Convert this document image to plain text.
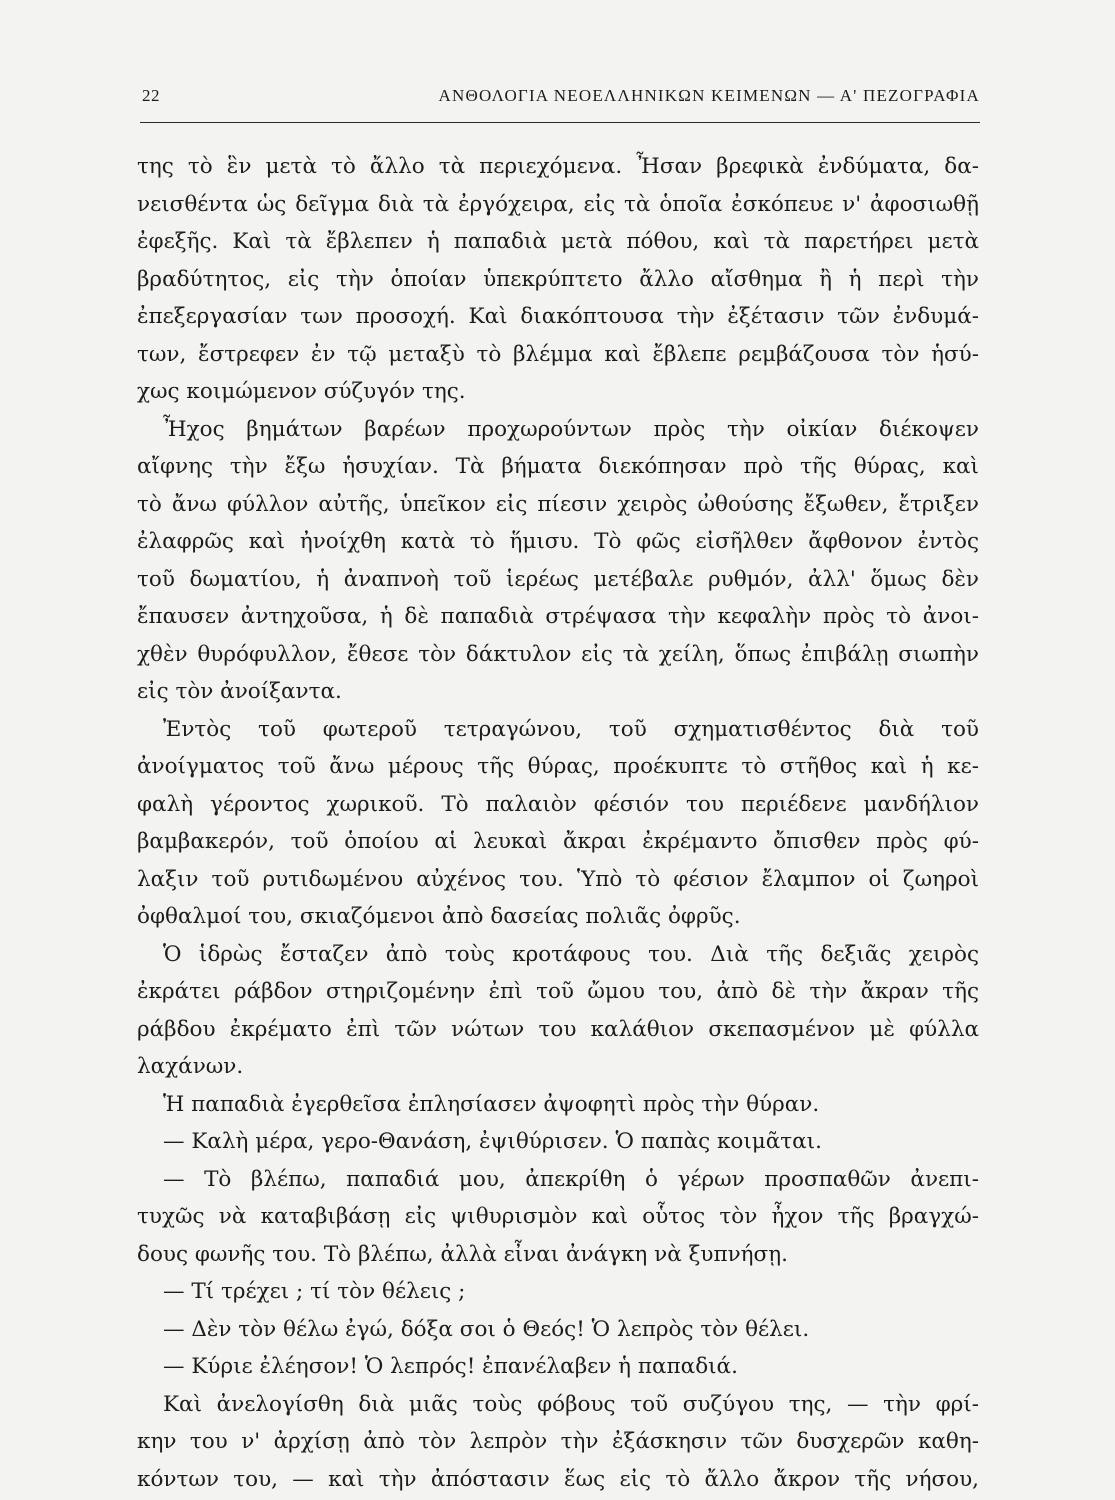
22	ΑΝΘΟΛΟΓΙΑ ΝΕΟΕΛΛΗΝΙΚΩΝ ΚΕΙΜΕΝΩΝ — Α' ΠΕΖΟΓΡΑΦΙΑ
της τὸ ἓν μετὰ τὸ ἄλλο τὰ περιεχόμενα. Ἦσαν βρεφικὰ ἐνδύματα, δα-
νεισθέντα ὡς δεῖγμα διὰ τὰ ἐργόχειρα, εἰς τὰ ὁποῖα ἐσκόπευε ν' ἀφοσιωθῇ
ἐφεξῆς. Καὶ τὰ ἔβλεπεν ἡ παπαδιὰ μετὰ πόθου, καὶ τὰ παρετήρει μετὰ
βραδύτητος, εἰς τὴν ὁποίαν ὑπεκρύπτετο ἄλλο αἴσθημα ἢ ἡ περὶ τὴν
ἐπεξεργασίαν των προσοχή. Καὶ διακόπτουσα τὴν ἐξέτασιν τῶν ἐνδυμά-
των, ἔστρεφεν ἐν τῷ μεταξὺ τὸ βλέμμα καὶ ἔβλεπε ρεμβάζουσα τὸν ἡσύ-
χως κοιμώμενον σύζυγόν της.
Ἦχος βημάτων βαρέων προχωρούντων πρὸς τὴν οἰκίαν διέκοψεν
αἴφνης τὴν ἔξω ἡσυχίαν. Τὰ βήματα διεκόπησαν πρὸ τῆς θύρας, καὶ
τὸ ἄνω φύλλον αὐτῆς, ὑπεῖκον εἰς πίεσιν χειρὸς ὠθούσης ἔξωθεν, ἔτριξεν
ἐλαφρῶς καὶ ἠνοίχθη κατὰ τὸ ἥμισυ. Τὸ φῶς εἰσῆλθεν ἄφθονον ἐντὸς
τοῦ δωματίου, ἡ ἀναπνοὴ τοῦ ἱερέως μετέβαλε ρυθμόν, ἀλλ' ὅμως δὲν
ἔπαυσεν ἀντηχοῦσα, ἡ δὲ παπαδιὰ στρέψασα τὴν κεφαλὴν πρὸς τὸ ἀνοι-
χθὲν θυρόφυλλον, ἔθεσε τὸν δάκτυλον εἰς τὰ χείλη, ὅπως ἐπιβάλῃ σιωπὴν
εἰς τὸν ἀνοίξαντα.
Ἐντὸς τοῦ φωτεροῦ τετραγώνου, τοῦ σχηματισθέντος διὰ τοῦ
ἀνοίγματος τοῦ ἄνω μέρους τῆς θύρας, προέκυπτε τὸ στῆθος καὶ ἡ κε-
φαλὴ γέροντος χωρικοῦ. Τὸ παλαιὸν φέσιόν του περιέδενε μανδήλιον
βαμβακερόν, τοῦ ὁποίου αἱ λευκαὶ ἄκραι ἐκρέμαντο ὄπισθεν πρὸς φύ-
λαξιν τοῦ ρυτιδωμένου αὐχένος του. Ὑπὸ τὸ φέσιον ἔλαμπον οἱ ζωηροὶ
ὀφθαλμοί του, σκιαζόμενοι ἀπὸ δασείας πολιᾶς ὀφρῦς.
Ὁ ἱδρὼς ἔσταζεν ἀπὸ τοὺς κροτάφους του. Διὰ τῆς δεξιᾶς χειρὸς
ἐκράτει ράβδον στηριζομένην ἐπὶ τοῦ ὤμου του, ἀπὸ δὲ τὴν ἄκραν τῆς
ράβδου ἐκρέματο ἐπὶ τῶν νώτων του καλάθιον σκεπασμένον μὲ φύλλα
λαχάνων.
Ἡ παπαδιὰ ἐγερθεῖσα ἐπλησίασεν ἀψοφητὶ πρὸς τὴν θύραν.
— Καλὴ μέρα, γερο-Θανάση, ἐψιθύρισεν. Ὁ παπὰς κοιμᾶται.
— Τὸ βλέπω, παπαδιά μου, ἀπεκρίθη ὁ γέρων προσπαθῶν ἀνεπι-
τυχῶς νὰ καταβιβάσῃ εἰς ψιθυρισμὸν καὶ οὗτος τὸν ἦχον τῆς βραγχώ-
δους φωνῆς του. Τὸ βλέπω, ἀλλὰ εἶναι ἀνάγκη νὰ ξυπνήσῃ.
— Τί τρέχει ; τί τὸν θέλεις ;
— Δὲν τὸν θέλω ἐγώ, δόξα σοι ὁ Θεός! Ὁ λεπρὸς τὸν θέλει.
— Κύριε ἐλέησον! Ὁ λεπρός! ἐπανέλαβεν ἡ παπαδιά.
Καὶ ἀνελογίσθη διὰ μιᾶς τοὺς φόβους τοῦ συζύγου της, — τὴν φρί-
κην του ν' ἀρχίσῃ ἀπὸ τὸν λεπρὸν τὴν ἐξάσκησιν τῶν δυσχερῶν καθη-
κόντων του, — καὶ τὴν ἀπόστασιν ἕως εἰς τὸ ἄλλο ἄκρον τῆς νήσου,
